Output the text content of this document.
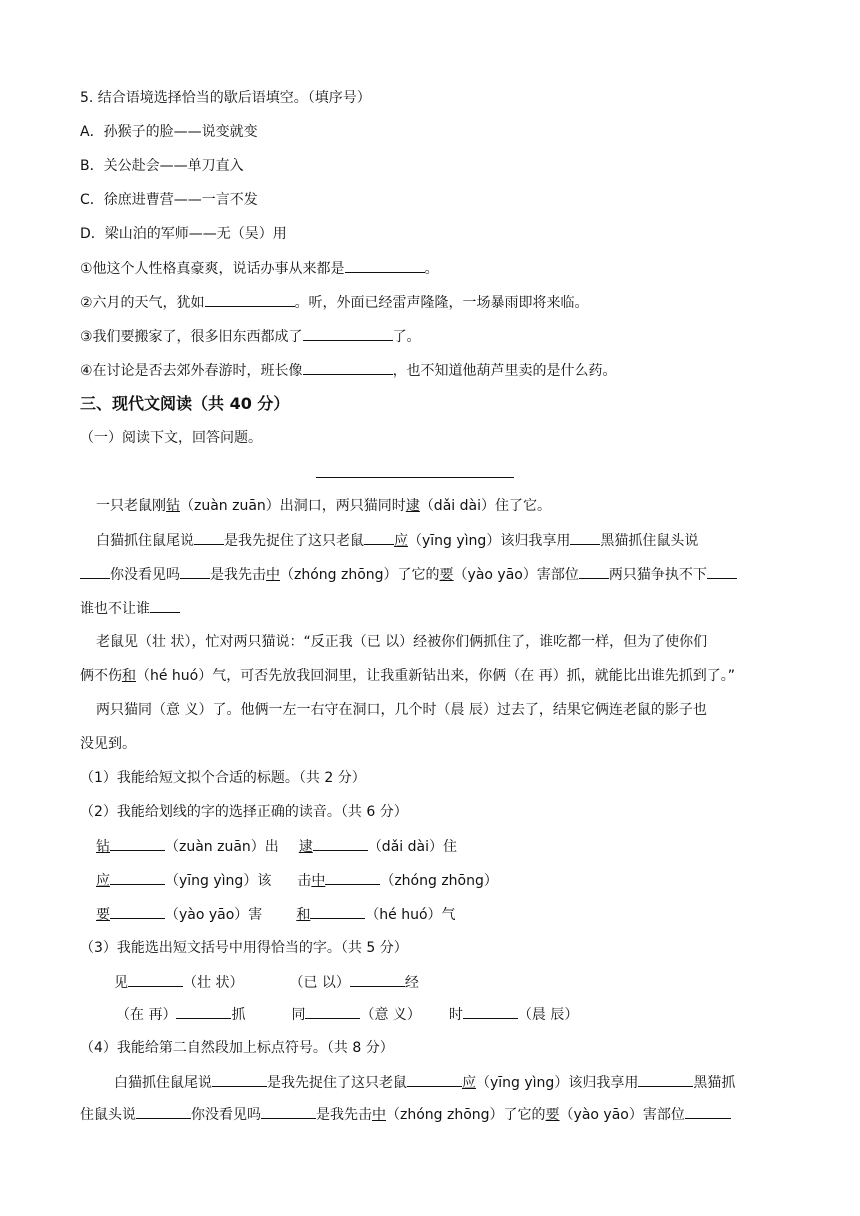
5. 结合语境选择恰当的歇后语填空。（填序号）
A．孙猴子的脸——说变就变
B．关公赴会——单刀直入
C．徐庶进曹营——一言不发
D．梁山泊的军师——无（吴）用
①他这个人性格真豪爽，说话办事从来都是	。
②六月的天气，犹如	。听，外面已经雷声隆隆，一场暴雨即将来临。
③我们要搬家了，很多旧东西都成了	了。
④在讨论是否去郊外春游时，班长像	，也不知道他葫芦里卖的是什么药。
三、现代文阅读（共 40 分）
（一）阅读下文，回答问题。
一只老鼠刚钻（zuàn zuān）出洞口，两只猫同时逮（dǎi dài）住了它。
白猫抓住鼠尾说 是我先捉住了这只老鼠 应（yīng yìng）该归我享用 黑猫抓住鼠头说
你没看见吗 是我先击中（zhóng zhōng）了它的要（yào yāo）害部位 两只猫争执不下
谁也不让谁
老鼠见（壮 状），忙对两只猫说：“反正我（已 以）经被你们俩抓住了，谁吃都一样，但为了使你们
俩不伤和（hé huó）气，可否先放我回洞里，让我重新钻出来，你俩（在 再）抓，就能比出谁先抓到了。”
两只猫同（意 义）了。他俩一左一右守在洞口，几个时（晨 辰）过去了，结果它俩连老鼠的影子也
没见到。
（1）我能给短文拟个合适的标题。（共 2 分）
（2）我能给划线的字的选择正确的读音。（共 6 分）
钻	（zuàn zuān）出 逮	（dǎi dài）住
应	（yīng yìng）该 击中	（zhóng zhōng）
要	（yào yāo）害 和	（hé huó）气
（3）我能选出短文括号中用得恰当的字。（共 5 分）
见	（壮 状）	（已 以）	经
（在 再）	抓	同	（意 义） 时	（晨 辰）
（4）我能给第二自然段加上标点符号。（共 8 分）
白猫抓住鼠尾说	是我先捉住了这只老鼠	应（yīng yìng）该归我享用	黑猫抓
住鼠头说	你没看见吗	是我先击中（zhóng zhōng）了它的要（yào yāo）害部位
